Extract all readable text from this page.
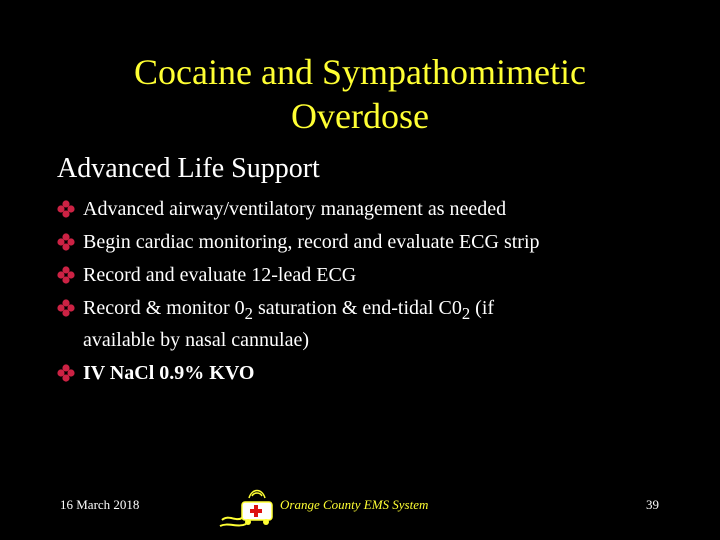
Cocaine and Sympathomimetic
Overdose
Advanced Life Support
Advanced airway/ventilatory management as needed
Begin cardiac monitoring, record and evaluate ECG strip
Record and evaluate 12-lead ECG
Record & monitor $0_2$ saturation & end-tidal $C0_2$ (if
available by nasal cannulae)
IV NaCl 0.9% KVO
16 March 2018	Orange County EMS System	39
